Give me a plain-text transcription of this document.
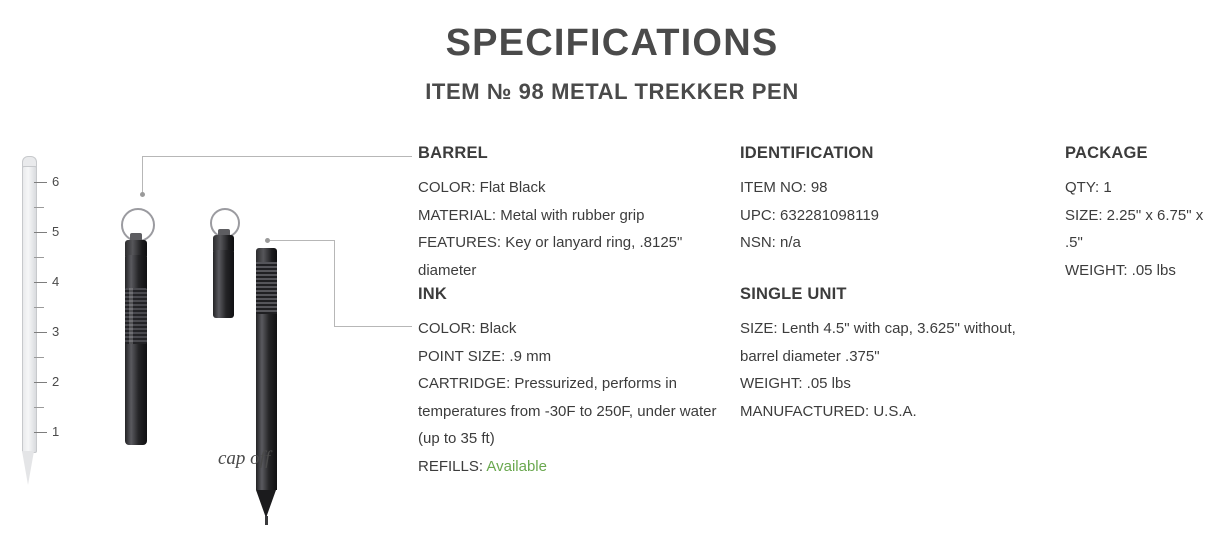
SPECIFICATIONS
ITEM № 98 METAL TREKKER PEN
6
5
4
3
2
1
cap off
BARREL
COLOR: Flat Black
MATERIAL: Metal with rubber grip
FEATURES: Key or lanyard ring, .8125" diameter
INK
COLOR: Black
POINT SIZE: .9 mm
CARTRIDGE: Pressurized, performs in temperatures from -30F to 250F, under water (up to 35 ft)
REFILLS: Available
IDENTIFICATION
ITEM NO: 98
UPC: 632281098119
NSN: n/a
SINGLE UNIT
SIZE: Lenth 4.5" with cap, 3.625" without, barrel diameter .375"
WEIGHT: .05 lbs
MANUFACTURED: U.S.A.
PACKAGE
QTY: 1
SIZE: 2.25" x 6.75" x .5"
WEIGHT: .05 lbs
